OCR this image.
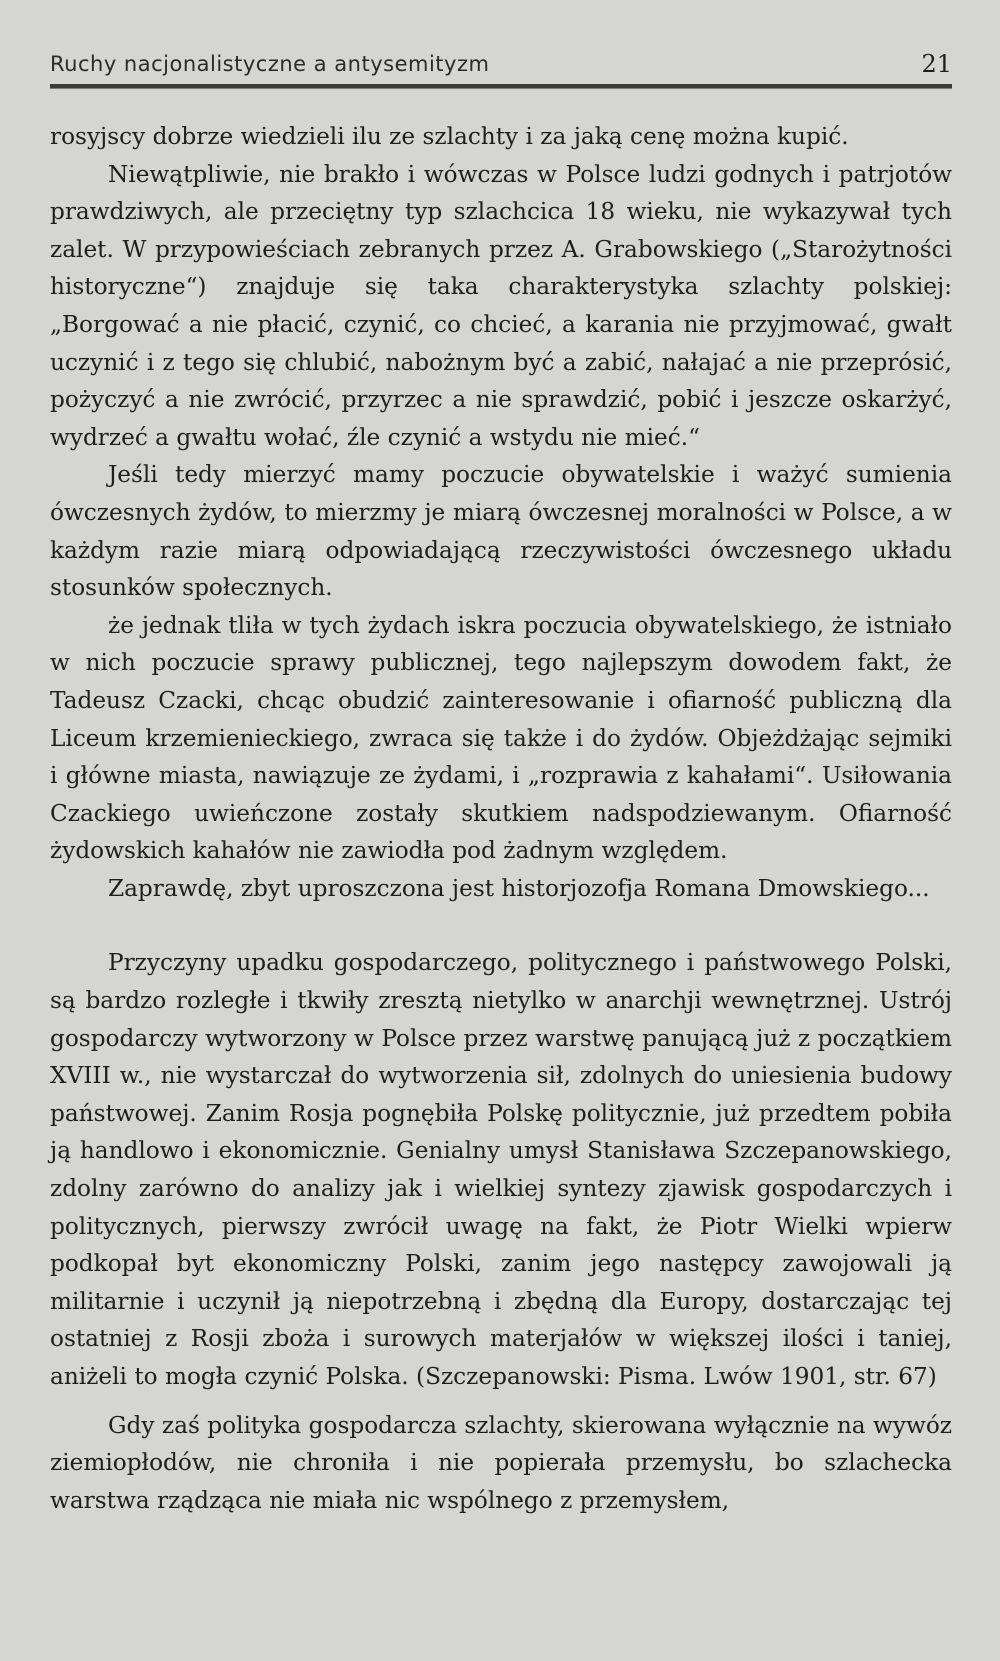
Ruchy nacjonalistyczne a antysemityzm	21

rosyjscy dobrze wiedzieli ilu ze szlachty i za jaką cenę można kupić.

Niewątpliwie, nie brakło i wówczas w Polsce ludzi godnych i patrjotów prawdziwych, ale przeciętny typ szlachcica 18 wieku, nie wykazywał tych zalet. W przypowieściach zebranych przez A. Grabowskiego („Starożytności historyczne“) znajduje się taka charakterystyka szlachty polskiej: „Borgować a nie płacić, czynić, co chcieć, a karania nie przyjmować, gwałt uczynić i z tego się chlubić, nabożnym być a zabić, nałajać a nie przeprósić, pożyczyć a nie zwrócić, przyrzec a nie sprawdzić, pobić i jeszcze oskarżyć, wydrzeć a gwałtu wołać, źle czynić a wstydu nie mieć.“

Jeśli tedy mierzyć mamy poczucie obywatelskie i ważyć sumienia ówczesnych żydów, to mierzmy je miarą ówczesnej moralności w Polsce, a w każdym razie miarą odpowiadającą rzeczywistości ówczesnego układu stosunków społecznych.

że jednak tliła w tych żydach iskra poczucia obywatelskiego, że istniało w nich poczucie sprawy publicznej, tego najlepszym dowodem fakt, że Tadeusz Czacki, chcąc obudzić zainteresowanie i ofiarność publiczną dla Liceum krzemienieckiego, zwraca się także i do żydów. Objeżdżając sejmiki i główne miasta, nawiązuje ze żydami, i „rozprawia z kahałami“. Usiłowania Czackiego uwieńczone zostały skutkiem nadspodziewanym. Ofiarność żydowskich kahałów nie zawiodła pod żadnym względem.

Zaprawdę, zbyt uproszczona jest historjozofja Romana Dmowskiego...

Przyczyny upadku gospodarczego, politycznego i państwowego Polski, są bardzo rozległe i tkwiły zresztą nietylko w anarchji wewnętrznej. Ustrój gospodarczy wytworzony w Polsce przez warstwę panującą już z początkiem XVIII w., nie wystarczał do wytworzenia sił, zdolnych do uniesienia budowy państwowej. Zanim Rosja pognębiła Polskę politycznie, już przedtem pobiła ją handlowo i ekonomicznie. Genialny umysł Stanisława Szczepanowskiego, zdolny zarówno do analizy jak i wielkiej syntezy zjawisk gospodarczych i politycznych, pierwszy zwrócił uwagę na fakt, że Piotr Wielki wpierw podkopał byt ekonomiczny Polski, zanim jego następcy zawojowali ją militarnie i uczynił ją niepotrzebną i zbędną dla Europy, dostarczając tej ostatniej z Rosji zboża i surowych materjałów w większej ilości i taniej, aniżeli to mogła czynić Polska. (Szczepanowski: Pisma. Lwów 1901, str. 67)

Gdy zaś polityka gospodarcza szlachty, skierowana wyłącznie na wywóz ziemiopłodów, nie chroniła i nie popierała przemysłu, bo szlachecka warstwa rządząca nie miała nic wspólnego z przemysłem,
